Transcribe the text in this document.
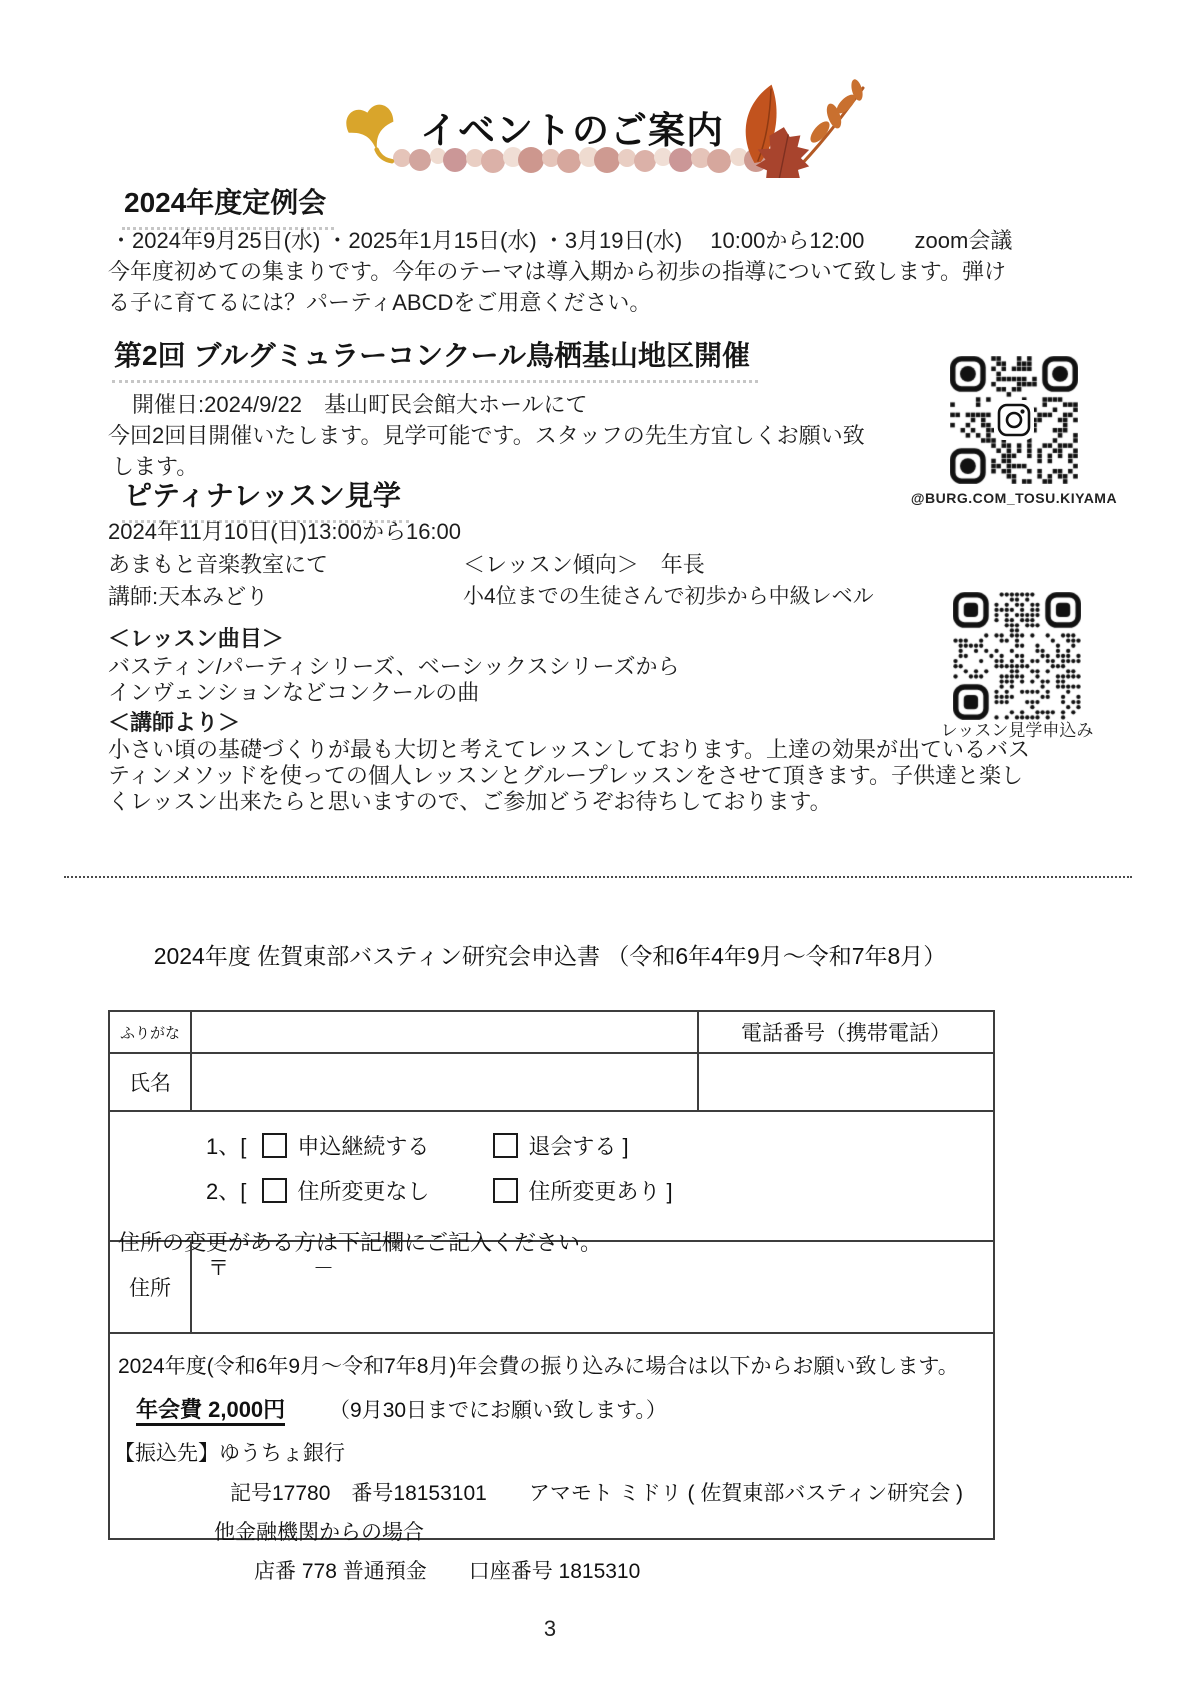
イベントのご案内
2024年度定例会
・2024年9月25日(水) ・2025年1月15日(水) ・3月19日(水)　 10:00から12:00　　 zoom会議
今年度初めての集まりです。今年のテーマは導入期から初歩の指導について致します。弾け
る子に育てるには？パーティABCDをご用意ください。
第2回 ブルグミュラーコンクール鳥栖基山地区開催
開催日:2024/9/22　基山町民会館大ホールにて
今回2回目開催いたします。見学可能です。スタッフの先生方宜しくお願い致
します。
@BURG.COM_TOSU.KIYAMA
ピティナレッスン見学
2024年11月10日(日)13:00から16:00
あまもと音楽教室にて	＜レッスン傾向＞　年長
講師:天本みどり	小4位までの生徒さんで初歩から中級レベル
＜レッスン曲目＞
バスティン/パーティシリーズ、ベーシックスシリーズから
インヴェンションなどコンクールの曲
レッスン見学申込み
＜講師より＞
小さい頃の基礎づくりが最も大切と考えてレッスンしております。上達の効果が出ているバス
ティンメソッドを使っての個人レッスンとグループレッスンをさせて頂きます。子供達と楽し
くレッスン出来たらと思いますので、ご参加どうぞお待ちしております。
2024年度 佐賀東部バスティン研究会申込書 （令和6年4年9月～令和7年8月）
ふりがな	電話番号（携帯電話）
氏名
1、[ 申込継続する	退会する ]
2、[ 住所変更なし	住所変更あり ]
住所の変更がある方は下記欄にご記入ください。
住所
〒　　　　－
2024年度(令和6年9月～令和7年8月)年会費の振り込みに場合は以下からお願い致します。
年会費 2,000円 （9月30日までにお願い致します。）
【振込先】ゆうちょ銀行
記号17780　番号18153101　　アマモト ミドリ ( 佐賀東部バスティン研究会 )
他金融機関からの場合
店番 778 普通預金　　口座番号 1815310
3
